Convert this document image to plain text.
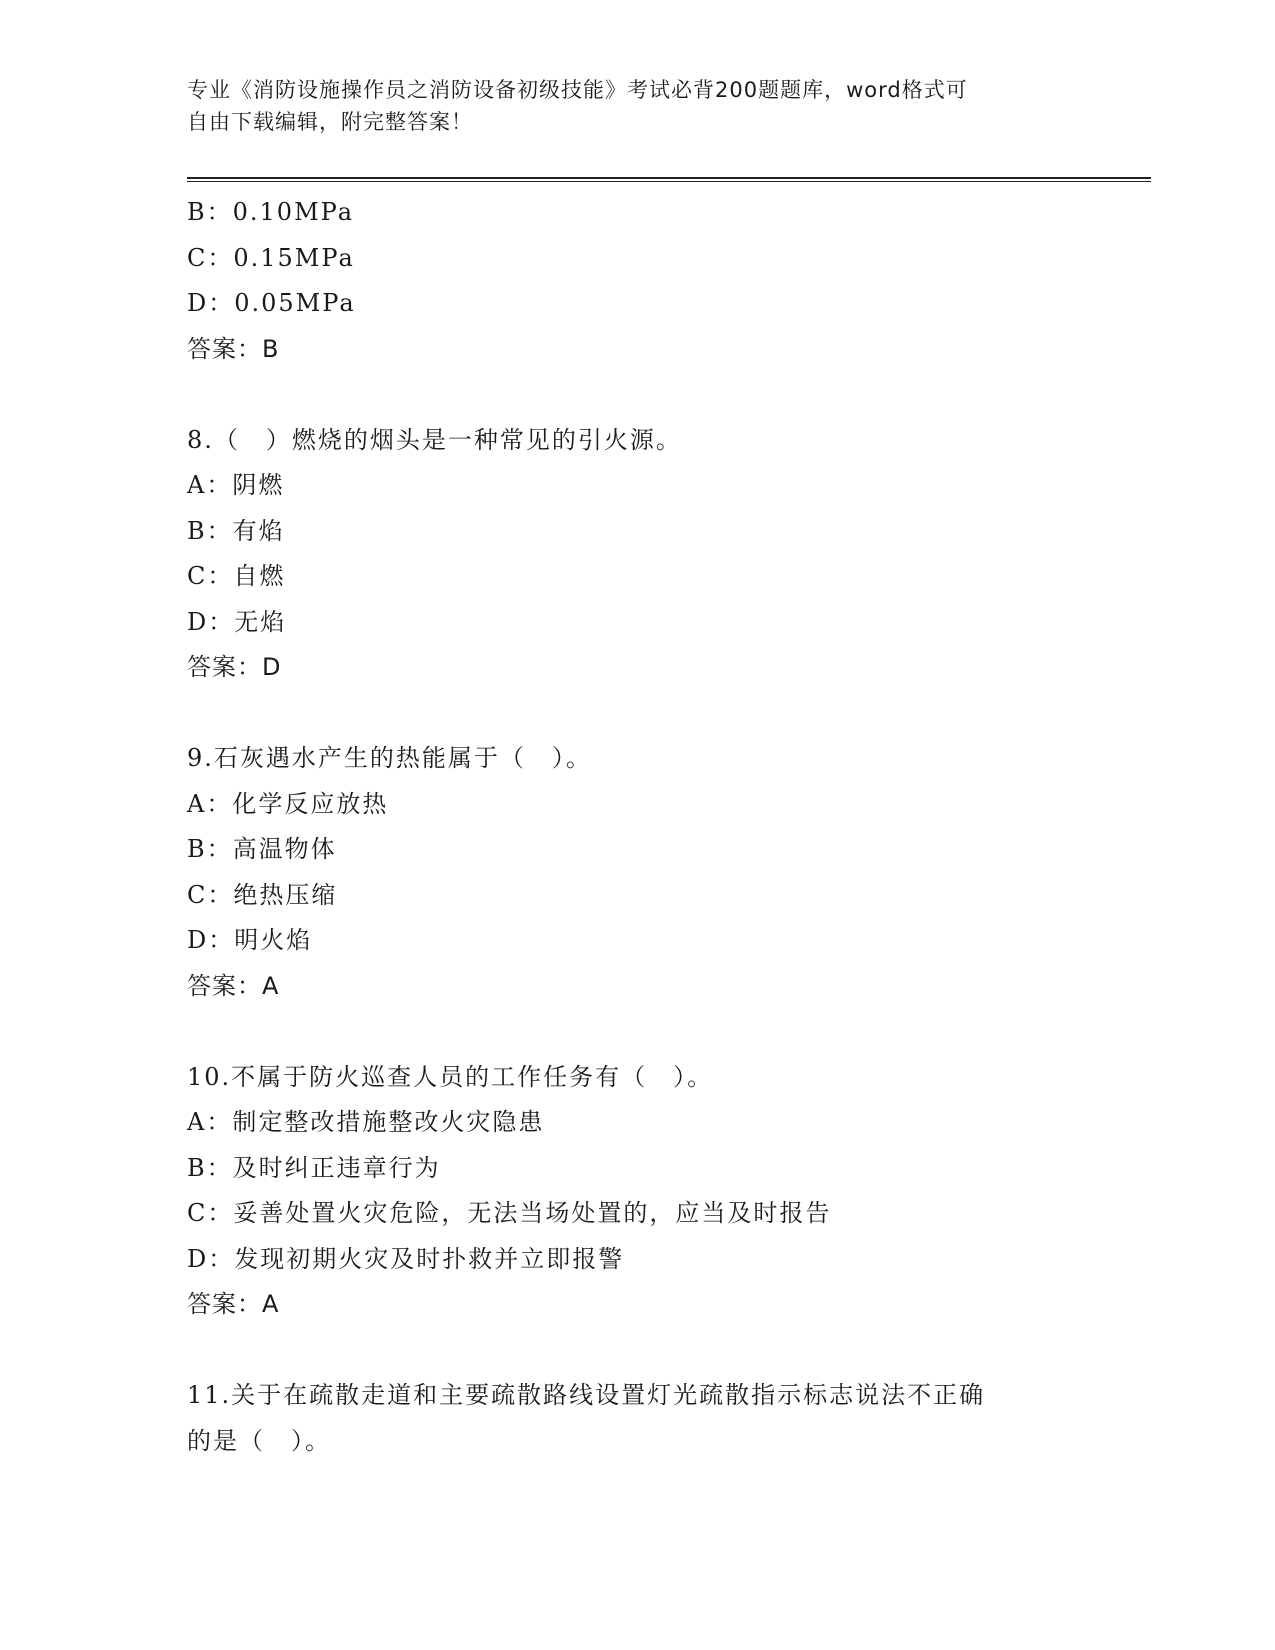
专业《消防设施操作员之消防设备初级技能》考试必背200题题库，word格式可
自由下载编辑，附完整答案！
B：0.10MPa
C：0.15MPa
D：0.05MPa
答案：B
8.（　）燃烧的烟头是一种常见的引火源。
A：阴燃
B：有焰
C：自燃
D：无焰
答案：D
9.石灰遇水产生的热能属于（　）。
A：化学反应放热
B：高温物体
C：绝热压缩
D：明火焰
答案：A
10.不属于防火巡查人员的工作任务有（　）。
A：制定整改措施整改火灾隐患
B：及时纠正违章行为
C：妥善处置火灾危险，无法当场处置的，应当及时报告
D：发现初期火灾及时扑救并立即报警
答案：A
11.关于在疏散走道和主要疏散路线设置灯光疏散指示标志说法不正确
的是（　）。
